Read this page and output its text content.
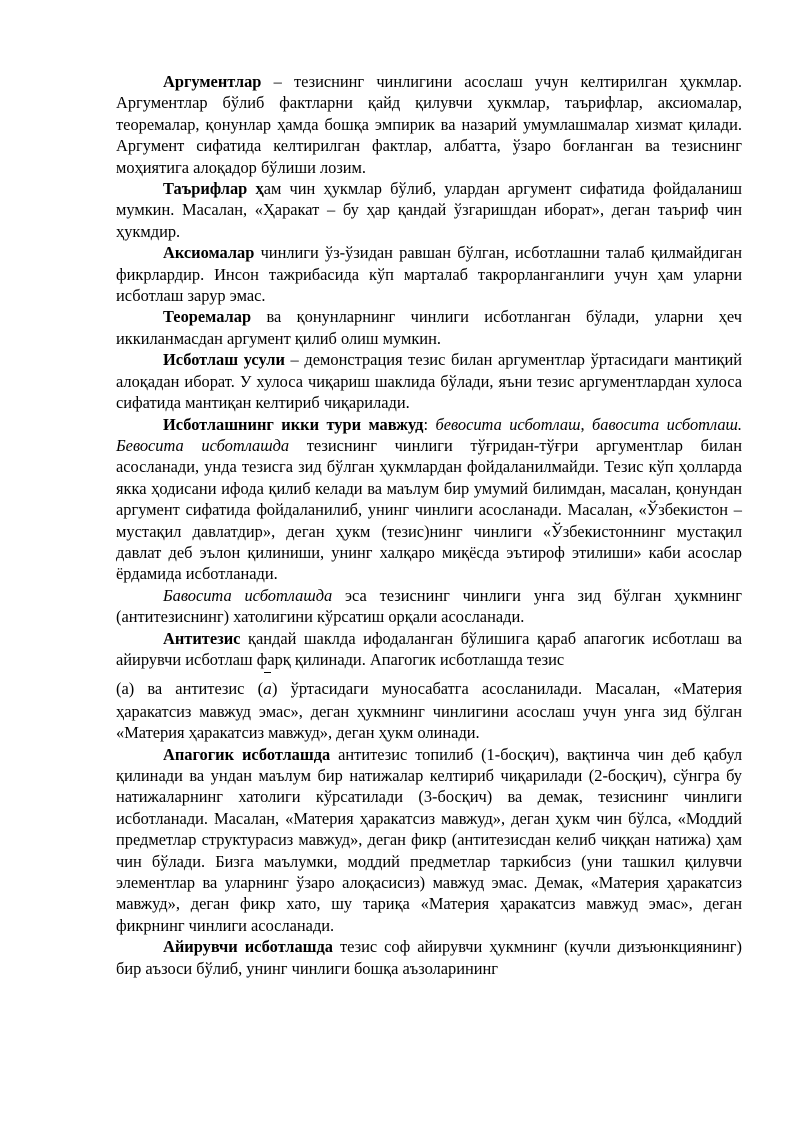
Аргументлар – тезиснинг чинлигини асослаш учун келтирилган ҳукмлар. Аргументлар бўлиб фактларни қайд қилувчи ҳукмлар, таърифлар, аксиомалар, теоремалар, қонунлар ҳамда бошқа эмпирик ва назарий умумлашмалар хизмат қилади. Аргумент сифатида келтирилган фактлар, албатта, ўзаро боғланган ва тезиснинг моҳиятига алоқадор бўлиши лозим.

Таърифлар ҳам чин ҳукмлар бўлиб, улардан аргумент сифатида фойдаланиш мумкин. Масалан, «Ҳаракат – бу ҳар қандай ўзгаришдан иборат», деган таъриф чин ҳукмдир.

Аксиомалар чинлиги ўз-ўзидан равшан бўлган, исботлашни талаб қилмайдиган фикрлардир. Инсон тажрибасида кўп марталаб такрорланганлиги учун ҳам уларни исботлаш зарур эмас.

Теоремалар ва қонунларнинг чинлиги исботланган бўлади, уларни ҳеч иккиланмасдан аргумент қилиб олиш мумкин.

Исботлаш усули – демонстрация тезис билан аргументлар ўртасидаги мантиқий алоқадан иборат. У хулоса чиқариш шаклида бўлади, яъни тезис аргументлардан хулоса сифатида мантиқан келтириб чиқарилади.

Исботлашнинг икки тури мавжуд: бевосита исботлаш, бавосита исботлаш. Бевосита исботлашда тезиснинг чинлиги тўғридан-тўғри аргументлар билан асосланади, унда тезисга зид бўлган ҳукмлардан фойдаланилмайди. Тезис кўп ҳолларда якка ҳодисани ифода қилиб келади ва маълум бир умумий билимдан, масалан, қонундан аргумент сифатида фойдаланилиб, унинг чинлиги асосланади. Масалан, «Ўзбекистон – мустақил давлатдир», деган ҳукм (тезис)нинг чинлиги «Ўзбекистоннинг мустақил давлат деб эълон қилиниши, унинг халқаро миқёсда эътироф этилиши» каби асослар ёрдамида исботланади.

Бавосита исботлашда эса тезиснинг чинлиги унга зид бўлган ҳукмнинг (антитезиснинг) хатолигини кўрсатиш орқали асосланади.

Антитезис қандай шаклда ифодаланган бўлишига қараб апагогик исботлаш ва айирувчи исботлаш фарқ қилинади. Апагогик исботлашда тезис

(а) ва антитезис (a) ўртасидаги муносабатга асосланилади. Масалан, «Материя ҳаракатсиз мавжуд эмас», деган ҳукмнинг чинлигини асослаш учун унга зид бўлган «Материя ҳаракатсиз мавжуд», деган ҳукм олинади.

Апагогик исботлашда антитезис топилиб (1-босқич), вақтинча чин деб қабул қилинади ва ундан маълум бир натижалар келтириб чиқарилади (2-босқич), сўнгра бу натижаларнинг хатолиги кўрсатилади (3-босқич) ва демак, тезиснинг чинлиги исботланади. Масалан, «Материя ҳаракатсиз мавжуд», деган ҳукм чин бўлса, «Моддий предметлар структурасиз мавжуд», деган фикр (антитезисдан келиб чиққан натижа) ҳам чин бўлади. Бизга маълумки, моддий предметлар таркибсиз (уни ташкил қилувчи элементлар ва уларнинг ўзаро алоқасисиз) мавжуд эмас. Демак, «Материя ҳаракатсиз мавжуд», деган фикр хато, шу тариқа «Материя ҳаракатсиз мавжуд эмас», деган фикрнинг чинлиги асосланади.

Айирувчи исботлашда тезис соф айирувчи ҳукмнинг (кучли дизъюнкциянинг) бир аъзоси бўлиб, унинг чинлиги бошқа аъзоларининг
